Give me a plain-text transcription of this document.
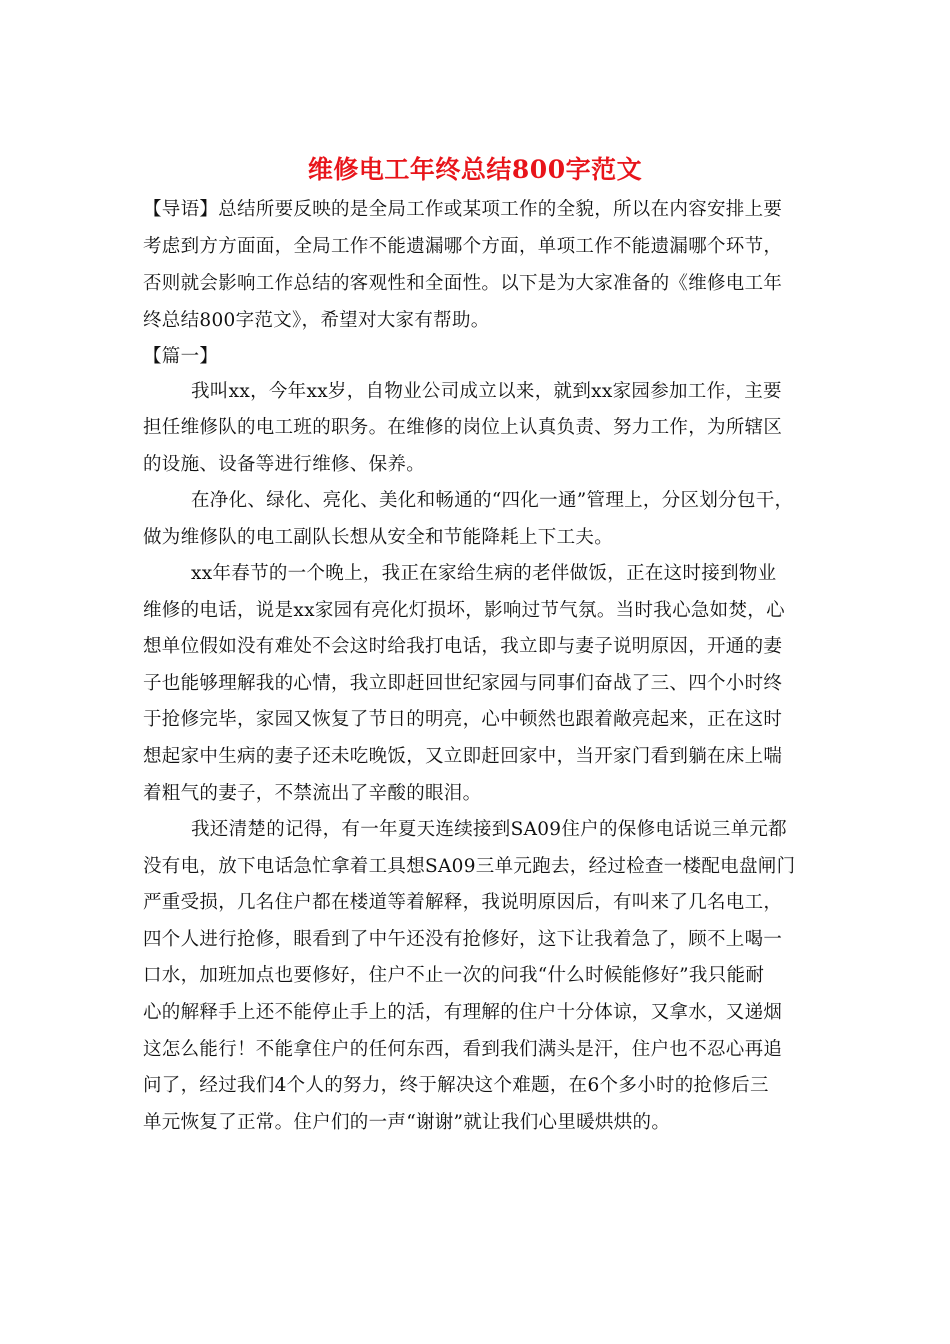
维修电工年终总结800字范文

【导语】总结所要反映的是全局工作或某项工作的全貌，所以在内容安排上要

考虑到方方面面，全局工作不能遗漏哪个方面，单项工作不能遗漏哪个环节，

否则就会影响工作总结的客观性和全面性。以下是为大家准备的《维修电工年

终总结800字范文》，希望对大家有帮助。

【篇一】

我叫xx，今年xx岁，自物业公司成立以来，就到xx家园参加工作，主要

担任维修队的电工班的职务。在维修的岗位上认真负责、努力工作，为所辖区

的设施、设备等进行维修、保养。

在净化、绿化、亮化、美化和畅通的“四化一通”管理上，分区划分包干，

做为维修队的电工副队长想从安全和节能降耗上下工夫。

xx年春节的一个晚上，我正在家给生病的老伴做饭，正在这时接到物业

维修的电话，说是xx家园有亮化灯损坏，影响过节气氛。当时我心急如焚，心

想单位假如没有难处不会这时给我打电话，我立即与妻子说明原因，开通的妻

子也能够理解我的心情，我立即赶回世纪家园与同事们奋战了三、四个小时终

于抢修完毕，家园又恢复了节日的明亮，心中顿然也跟着敞亮起来，正在这时

想起家中生病的妻子还未吃晚饭，又立即赶回家中，当开家门看到躺在床上喘

着粗气的妻子，不禁流出了辛酸的眼泪。

我还清楚的记得，有一年夏天连续接到SA09住户的保修电话说三单元都

没有电，放下电话急忙拿着工具想SA09三单元跑去，经过检查一楼配电盘闸门

严重受损，几名住户都在楼道等着解释，我说明原因后，有叫来了几名电工，

四个人进行抢修，眼看到了中午还没有抢修好，这下让我着急了，顾不上喝一

口水，加班加点也要修好，住户不止一次的问我“什么时候能修好”我只能耐

心的解释手上还不能停止手上的活，有理解的住户十分体谅，又拿水，又递烟

这怎么能行！不能拿住户的任何东西，看到我们满头是汗，住户也不忍心再追

问了，经过我们4个人的努力，终于解决这个难题，在6个多小时的抢修后三

单元恢复了正常。住户们的一声“谢谢”就让我们心里暖烘烘的。
